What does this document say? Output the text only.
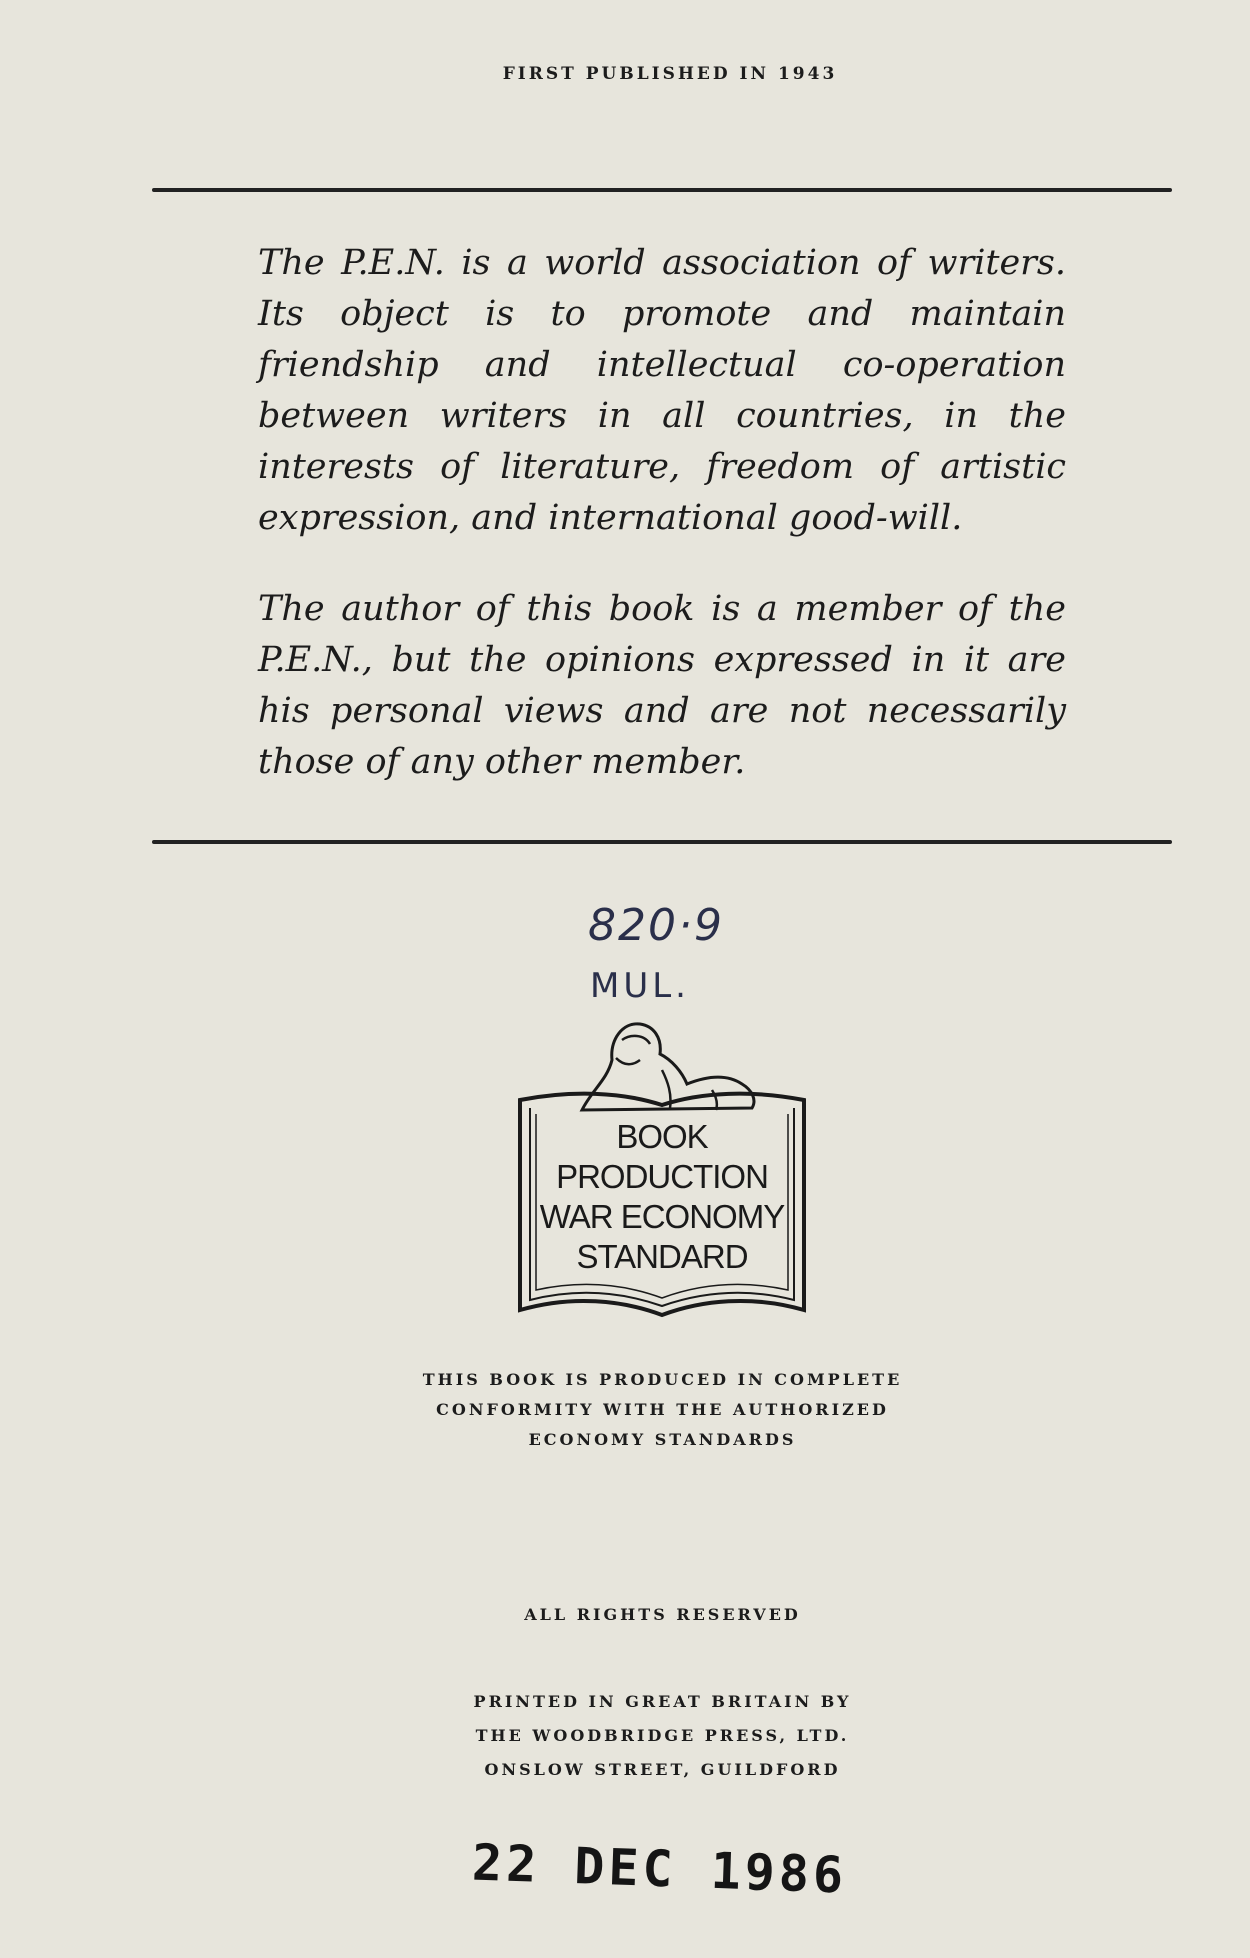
FIRST PUBLISHED IN 1943

The P.E.N. is a world association of writers. Its object is to promote and maintain friendship and intellectual co-operation between writers in all countries, in the interests of literature, freedom of artistic expression, and international good-will.

The author of this book is a member of the P.E.N., but the opinions expressed in it are his personal views and are not necessarily those of any other member.

820·9
MUL.
BOOK
PRODUCTION
WAR ECONOMY
STANDARD
THIS BOOK IS PRODUCED IN COMPLETE
CONFORMITY WITH THE AUTHORIZED
ECONOMY STANDARDS
ALL RIGHTS RESERVED
PRINTED IN GREAT BRITAIN BY
THE WOODBRIDGE PRESS, LTD.
ONSLOW STREET, GUILDFORD
22 DEC 1986
